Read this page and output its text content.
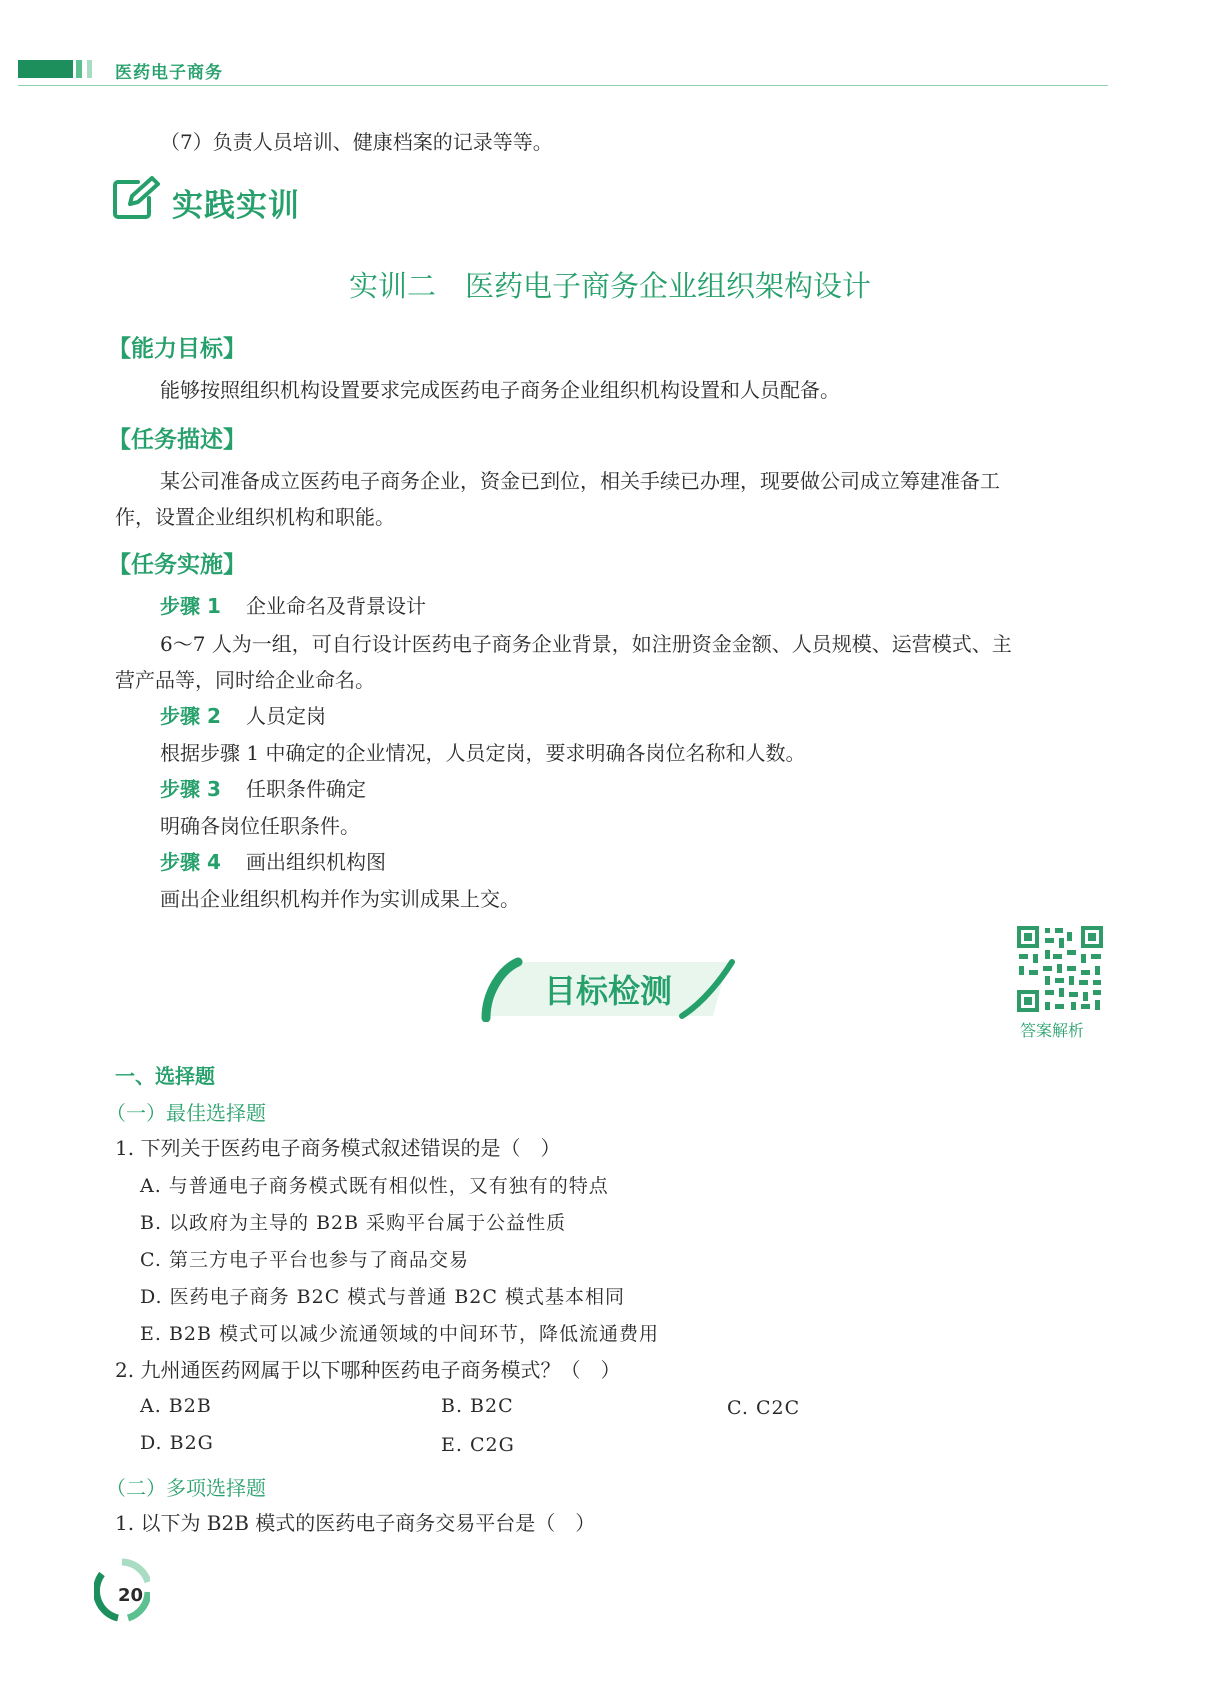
医药电子商务
（7）负责人员培训、健康档案的记录等等。
实践实训
实训二　医药电子商务企业组织架构设计
【能力目标】
能够按照组织机构设置要求完成医药电子商务企业组织机构设置和人员配备。
【任务描述】
某公司准备成立医药电子商务企业，资金已到位，相关手续已办理，现要做公司成立筹建准备工
作，设置企业组织机构和职能。
【任务实施】
步骤 1 企业命名及背景设计
6～7 人为一组，可自行设计医药电子商务企业背景，如注册资金金额、人员规模、运营模式、主
营产品等，同时给企业命名。
步骤 2 人员定岗
根据步骤 1 中确定的企业情况，人员定岗，要求明确各岗位名称和人数。
步骤 3 任职条件确定
明确各岗位任职条件。
步骤 4 画出组织机构图
画出企业组织机构并作为实训成果上交。
目标检测
答案解析
一、选择题
（一）最佳选择题
1. 下列关于医药电子商务模式叙述错误的是（　）
A. 与普通电子商务模式既有相似性，又有独有的特点
B. 以政府为主导的 B2B 采购平台属于公益性质
C. 第三方电子平台也参与了商品交易
D. 医药电子商务 B2C 模式与普通 B2C 模式基本相同
E. B2B 模式可以减少流通领域的中间环节，降低流通费用
2. 九州通医药网属于以下哪种医药电子商务模式？（　）
A. B2B	B. B2C	C. C2C
D. B2G	E. C2G
（二）多项选择题
1. 以下为 B2B 模式的医药电子商务交易平台是（　）
20
